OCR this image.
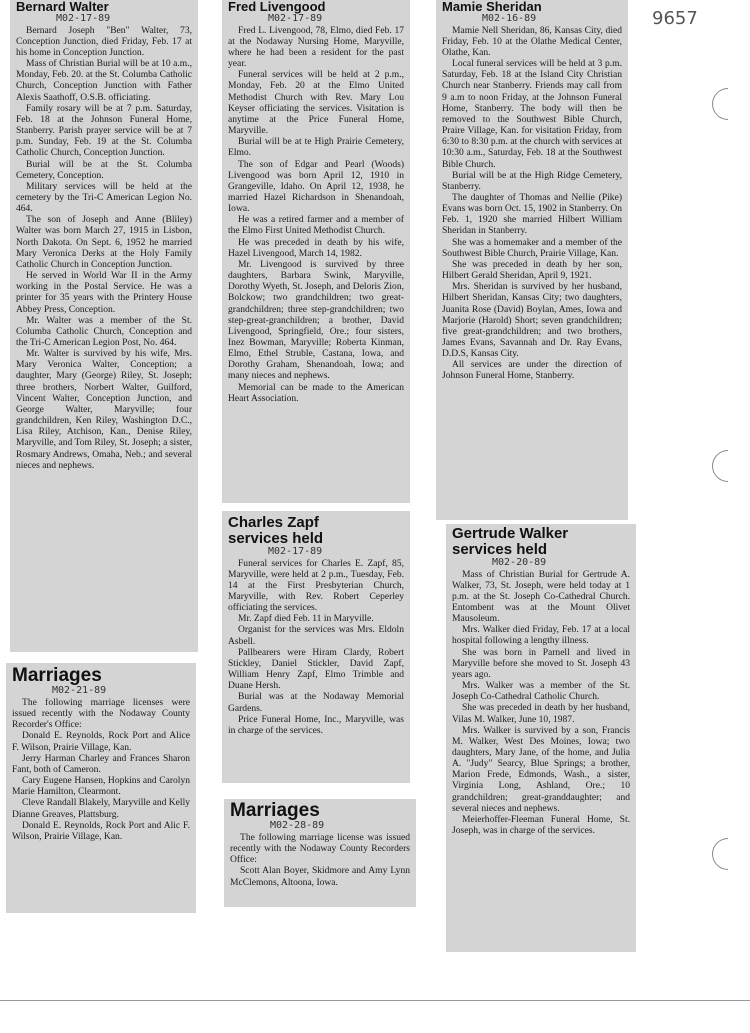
9657
Bernard Walter
M02-17-89

Bernard Joseph "Ben" Walter, 73, Conception Junction, died Friday, Feb. 17 at his home in Conception Junction.

Mass of Christian Burial will be at 10 a.m., Monday, Feb. 20. at the St. Columba Catholic Church, Conception Junction with Father Alexis Saathoff, O.S.B. officiating.

Family rosary will be at 7 p.m. Saturday, Feb. 18 at the Johnson Funeral Home, Stanberry. Parish prayer service will be at 7 p.m. Sunday, Feb. 19 at the St. Columba Catholic Church, Conception Junction.

Burial will be at the St. Columba Cemetery, Conception.

Military services will be held at the cemetery by the Tri-C American Legion No. 464.

The son of Joseph and Anne (Bliley) Walter was born March 27, 1915 in Lisbon, North Dakota. On Sept. 6, 1952 he married Mary Veronica Derks at the Holy Family Catholic Church in Conception Junction.

He served in World War II in the Army working in the Postal Service. He was a printer for 35 years with the Printery House Abbey Press, Conception.

Mr. Walter was a member of the St. Columba Catholic Church, Conception and the Tri-C American Legion Post, No. 464.

Mr. Walter is survived by his wife, Mrs. Mary Veronica Walter, Conception; a daughter, Mary (George) Riley, St. Joseph; three brothers, Norbert Walter, Guilford, Vincent Walter, Conception Junction, and George Walter, Maryville; four grandchildren, Ken Riley, Washington D.C., Lisa Riley, Atchison, Kan., Denise Riley, Maryville, and Tom Riley, St. Joseph; a sister, Rosmary Andrews, Omaha, Neb.; and several nieces and nephews.

Fred Livengood
M02-17-89

Fred L. Livengood, 78, Elmo, died Feb. 17 at the Nodaway Nursing Home, Maryville, where he had been a resident for the past year.

Funeral services will be held at 2 p.m., Monday, Feb. 20 at the Elmo United Methodist Church with Rev. Mary Lou Keyser officiating the services. Visitation is anytime at the Price Funeral Home, Maryville.

Burial will be at te High Prairie Cemetery, Elmo.

The son of Edgar and Pearl (Woods) Livengood was born April 12, 1910 in Grangeville, Idaho. On April 12, 1938, he married Hazel Richardson in Shenandoah, Iowa.

He was a retired farmer and a member of the Elmo First United Methodist Church.

He was preceded in death by his wife, Hazel Livengood, March 14, 1982.

Mr. Livengood is survived by three daughters, Barbara Swink, Maryville, Dorothy Wyeth, St. Joseph, and Deloris Zion, Bolckow; two grandchildren; two great-grandchildren; three step-grandchildren; two step-great-granchildren; a brother, David Livengood, Springfield, Ore.; four sisters, Inez Bowman, Maryville; Roberta Kinman, Elmo, Ethel Struble, Castana, Iowa, and Dorothy Graham, Shenandoah, Iowa; and many nieces and nephews.

Memorial can be made to the American Heart Association.

Mamie Sheridan
M02-16-89

Mamie Nell Sheridan, 86, Kansas City, died Friday, Feb. 10 at the Olathe Medical Center, Olathe, Kan.

Local funeral services will be held at 3 p.m. Saturday, Feb. 18 at the Island City Christian Church near Stanberry. Friends may call from 9 a.m to noon Friday, at the Johnson Funeral Home, Stanberry. The body will then be removed to the Southwest Bible Church, Praire Village, Kan. for visitation Friday, from 6:30 to 8:30 p.m. at the church with services at 10:30 a.m., Saturday, Feb. 18 at the Southwest Bible Church.

Burial will be at the High Ridge Cemetery, Stanberry.

The daughter of Thomas and Nellie (Pike) Evans was born Oct. 15, 1902 in Stanberry. On Feb. 1, 1920 she married Hilbert William Sheridan in Stanberry.

She was a homemaker and a member of the Southwest Bible Church, Prairie Village, Kan.

She was preceded in death by her son, Hilbert Gerald Sheridan, April 9, 1921.

Mrs. Sheridan is survived by her husband, Hilbert Sheridan, Kansas City; two daughters, Juanita Rose (David) Boylan, Ames, Iowa and Marjorie (Harold) Short; seven grandchildren; five great-grandchildren; and two brothers, James Evans, Savannah and Dr. Ray Evans, D.D.S, Kansas City.

All services are under the direction of Johnson Funeral Home, Stanberry.

Charles Zapf
services held
M02-17-89

Funeral services for Charles E. Zapf, 85, Maryville, were held at 2 p.m., Tuesday, Feb. 14 at the First Presbyterian Church, Maryville, with Rev. Robert Ceperley officiating the services.

Mr. Zapf died Feb. 11 in Maryville.

Organist for the services was Mrs. Eldoln Asbell.

Pallbearers were Hiram Clardy, Robert Stickley, Daniel Stickler, David Zapf, William Henry Zapf, Elmo Trimble and Duane Hersh.

Burial was at the Nodaway Memorial Gardens.

Price Funeral Home, Inc., Maryville, was in charge of the services.

Gertrude Walker
services held
M02-20-89

Mass of Christian Burial for Gertrude A. Walker, 73, St. Joseph, were held today at 1 p.m. at the St. Joseph Co-Cathedral Church. Entombent was at the Mount Olivet Mausoleum.

Mrs. Walker died Friday, Feb. 17 at a local hospital following a lengthy illness.

She was born in Parnell and lived in Maryville before she moved to St. Joseph 43 years ago.

Mrs. Walker was a member of the St. Joseph Co-Cathedral Catholic Church.

She was preceded in death by her husband, Vilas M. Walker, June 10, 1987.

Mrs. Walker is survived by a son, Francis M. Walker, West Des Moines, Iowa; two daughters, Mary Jane, of the home, and Julia A. "Judy" Searcy, Blue Springs; a brother, Marion Frede, Edmonds, Wash., a sister, Virginia Long, Ashland, Ore.; 10 grandchildren; great-granddaughter; and several nieces and nephews.

Meierhoffer-Fleeman Funeral Home, St. Joseph, was in charge of the services.

Marriages
M02-21-89

The following marriage licenses were issued recently with the Nodaway County Recorder's Office:

Donald E. Reynolds, Rock Port and Alice F. Wilson, Prairie Village, Kan.

Jerry Harman Charley and Frances Sharon Fant, both of Cameron.

Cary Eugene Hansen, Hopkins and Carolyn Marie Hamilton, Clearmont.

Cleve Randall Blakely, Maryville and Kelly Dianne Greaves, Plattsburg.

Donald E. Reynolds, Rock Port and Alic F. Wilson, Prairie Village, Kan.

Marriages
M02-28-89

The following marriage license was issued recently with the Nodaway County Recorders Office:

Scott Alan Boyer, Skidmore and Amy Lynn McClemons, Altoona, Iowa.
